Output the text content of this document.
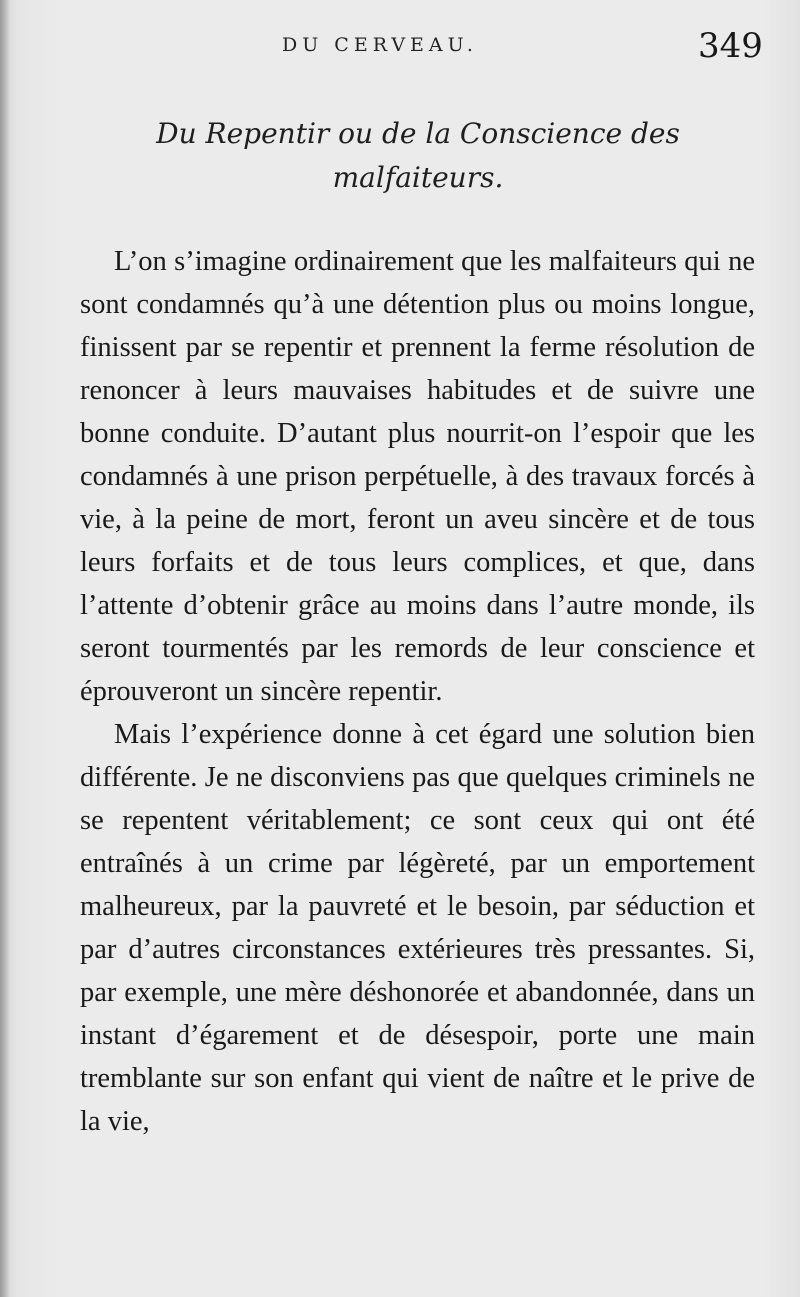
DU CERVEAU.	349
Du Repentir ou de la Conscience des malfaiteurs.

L’on s’imagine ordinairement que les malfaiteurs qui ne sont condamnés qu’à une détention plus ou moins longue, finissent par se repentir et prennent la ferme résolution de renoncer à leurs mauvaises habitudes et de suivre une bonne conduite. D’autant plus nourrit-on l’espoir que les condamnés à une prison perpétuelle, à des travaux forcés à vie, à la peine de mort, feront un aveu sincère et de tous leurs forfaits et de tous leurs complices, et que, dans l’attente d’obtenir grâce au moins dans l’autre monde, ils seront tourmentés par les remords de leur conscience et éprouveront un sincère repentir.

Mais l’expérience donne à cet égard une solution bien différente. Je ne disconviens pas que quelques criminels ne se repentent véritablement; ce sont ceux qui ont été entraînés à un crime par légèreté, par un emportement malheureux, par la pauvreté et le besoin, par séduction et par d’autres circonstances extérieures très pressantes. Si, par exemple, une mère déshonorée et abandonnée, dans un instant d’égarement et de désespoir, porte une main tremblante sur son enfant qui vient de naître et le prive de la vie,
